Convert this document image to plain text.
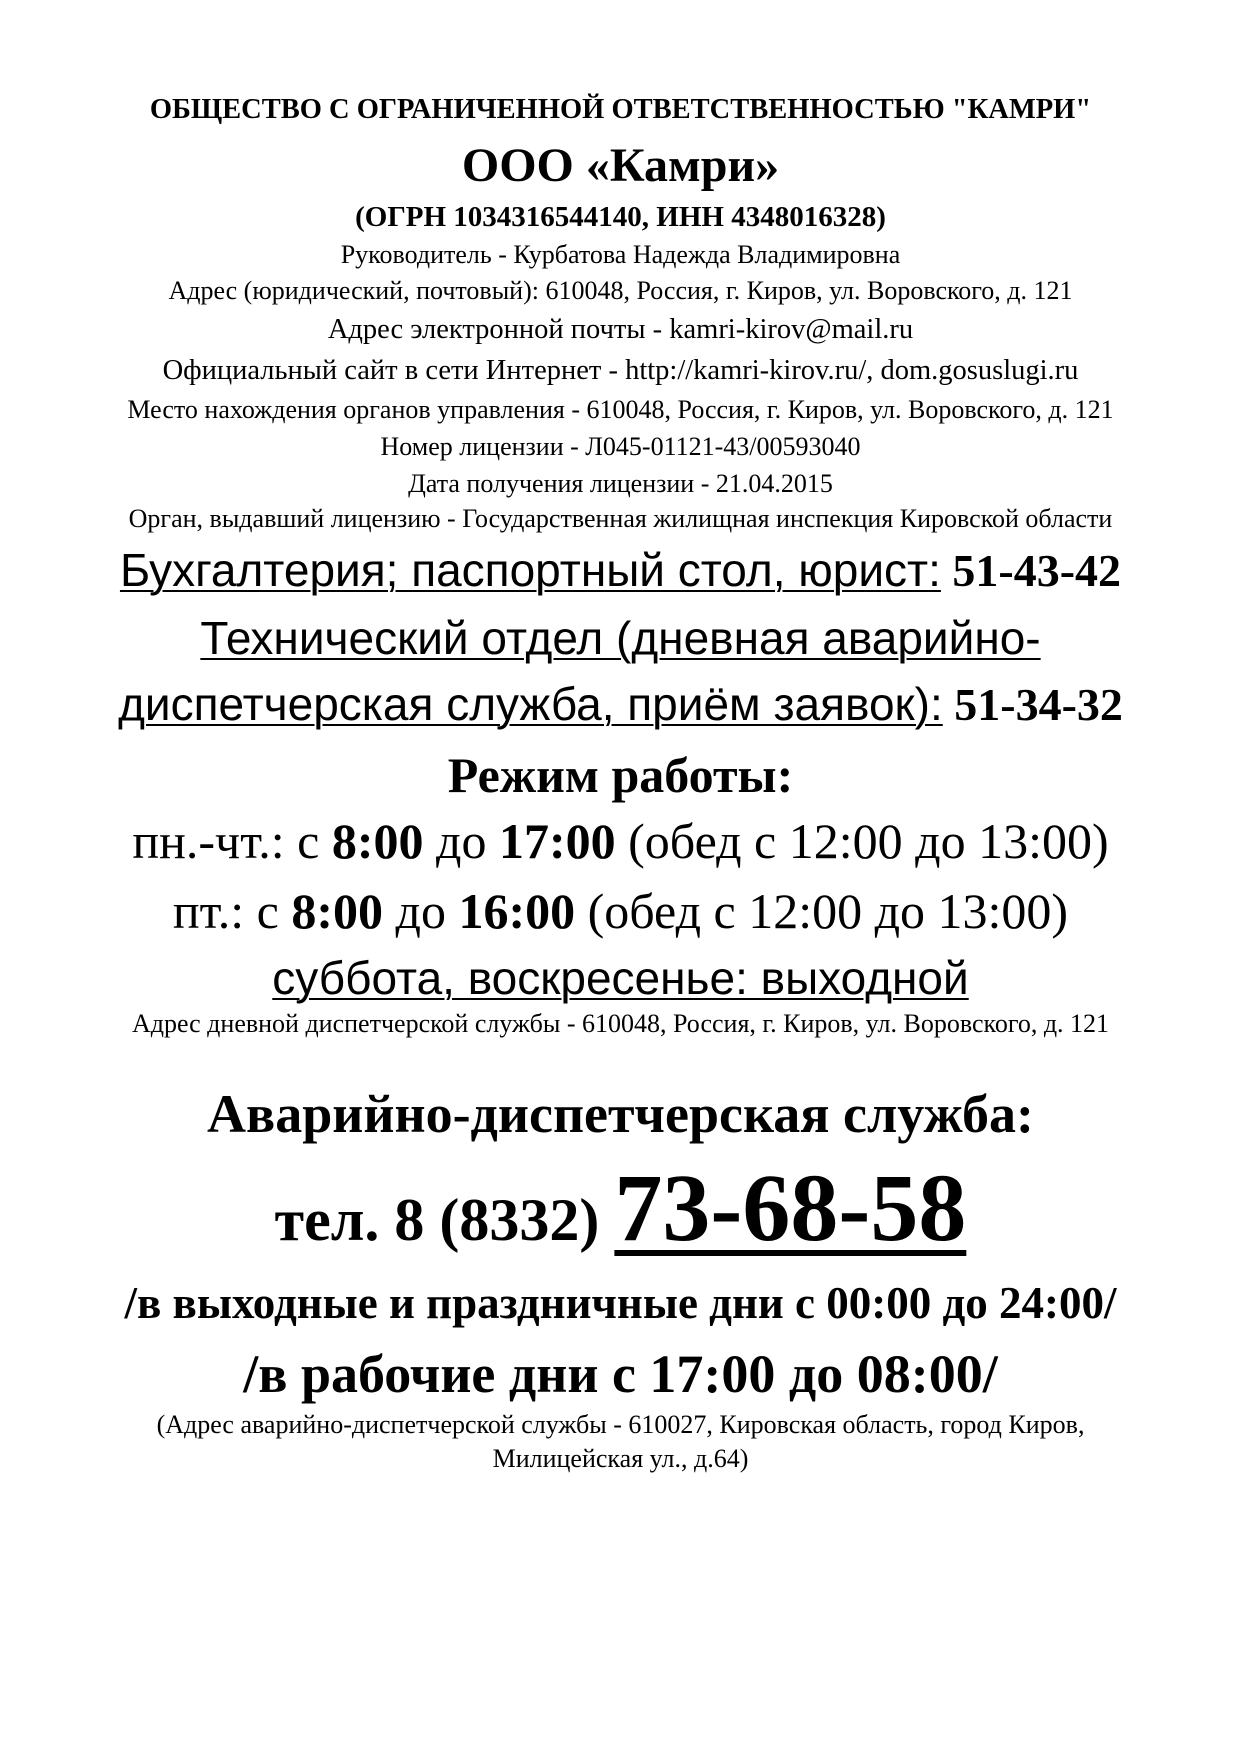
ОБЩЕСТВО С ОГРАНИЧЕННОЙ ОТВЕТСТВЕННОСТЬЮ "КАМРИ"
ООО «Камри»
(ОГРН 1034316544140, ИНН 4348016328)
Руководитель - Курбатова Надежда Владимировна
Адрес (юридический, почтовый): 610048, Россия, г. Киров, ул. Воровского, д. 121
Адрес электронной почты - kamri-kirov@mail.ru
Официальный сайт в сети Интернет - http://kamri-kirov.ru/, dom.gosuslugi.ru
Место нахождения органов управления - 610048, Россия, г. Киров, ул. Воровского, д. 121
Номер лицензии - Л045-01121-43/00593040
Дата получения лицензии - 21.04.2015
Орган, выдавший лицензию - Государственная жилищная инспекция Кировской области
Бухгалтерия; паспортный стол, юрист: 51-43-42
Технический отдел (дневная аварийно-
диспетчерская служба, приём заявок): 51-34-32
Режим работы:
пн.-чт.: с 8:00 до 17:00 (обед с 12:00 до 13:00)
пт.: с 8:00 до 16:00 (обед с 12:00 до 13:00)
суббота, воскресенье: выходной
Адрес дневной диспетчерской службы - 610048, Россия, г. Киров, ул. Воровского, д. 121
Аварийно-диспетчерская служба:
тел. 8 (8332) 73-68-58
/в выходные и праздничные дни с 00:00 до 24:00/
/в рабочие дни с 17:00 до 08:00/
(Адрес аварийно-диспетчерской службы - 610027, Кировская область, город Киров,
Милицейская ул., д.64)
